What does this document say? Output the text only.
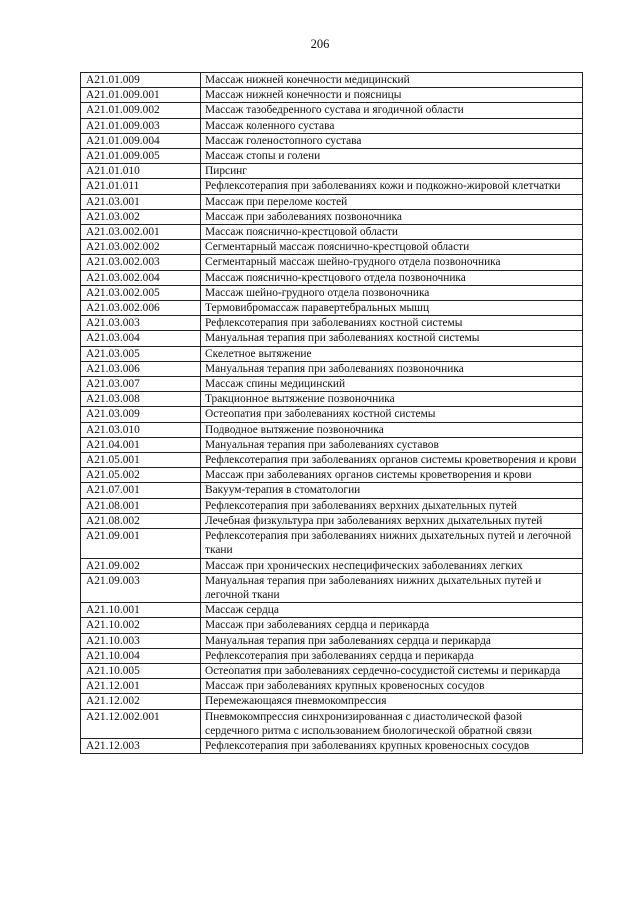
206
A21.01.009	Массаж нижней конечности медицинский
A21.01.009.001	Массаж нижней конечности и поясницы
A21.01.009.002	Массаж тазобедренного сустава и ягодичной области
A21.01.009.003	Массаж коленного сустава
A21.01.009.004	Массаж голеностопного сустава
A21.01.009.005	Массаж стопы и голени
A21.01.010	Пирсинг
A21.01.011	Рефлексотерапия при заболеваниях кожи и подкожно-жировой клетчатки
A21.03.001	Массаж при переломе костей
A21.03.002	Массаж при заболеваниях позвоночника
A21.03.002.001	Массаж пояснично-крестцовой области
A21.03.002.002	Сегментарный массаж пояснично-крестцовой области
A21.03.002.003	Сегментарный массаж шейно-грудного отдела позвоночника
A21.03.002.004	Массаж пояснично-крестцового отдела позвоночника
A21.03.002.005	Массаж шейно-грудного отдела позвоночника
A21.03.002.006	Термовибромассаж паравертебральных мышц
A21.03.003	Рефлексотерапия при заболеваниях костной системы
A21.03.004	Мануальная терапия при заболеваниях костной системы
A21.03.005	Скелетное вытяжение
A21.03.006	Мануальная терапия при заболеваниях позвоночника
A21.03.007	Массаж спины медицинский
A21.03.008	Тракционное вытяжение позвоночника
A21.03.009	Остеопатия при заболеваниях костной системы
A21.03.010	Подводное вытяжение позвоночника
A21.04.001	Мануальная терапия при заболеваниях суставов
A21.05.001	Рефлексотерапия при заболеваниях органов системы кроветворения и крови
A21.05.002	Массаж при заболеваниях органов системы кроветворения и крови
A21.07.001	Вакуум-терапия в стоматологии
A21.08.001	Рефлексотерапия при заболеваниях верхних дыхательных путей
A21.08.002	Лечебная физкультура при заболеваниях верхних дыхательных путей
A21.09.001	Рефлексотерапия при заболеваниях нижних дыхательных путей и легочной ткани
A21.09.002	Массаж при хронических неспецифических заболеваниях легких
A21.09.003	Мануальная терапия при заболеваниях нижних дыхательных путей и легочной ткани
A21.10.001	Массаж сердца
A21.10.002	Массаж при заболеваниях сердца и перикарда
A21.10.003	Мануальная терапия при заболеваниях сердца и перикарда
A21.10.004	Рефлексотерапия при заболеваниях сердца и перикарда
A21.10.005	Остеопатия при заболеваниях сердечно-сосудистой системы и перикарда
A21.12.001	Массаж при заболеваниях крупных кровеносных сосудов
A21.12.002	Перемежающаяся пневмокомпрессия
A21.12.002.001	Пневмокомпрессия синхронизированная с диастолической фазой сердечного ритма с использованием биологической обратной связи
A21.12.003	Рефлексотерапия при заболеваниях крупных кровеносных сосудов
